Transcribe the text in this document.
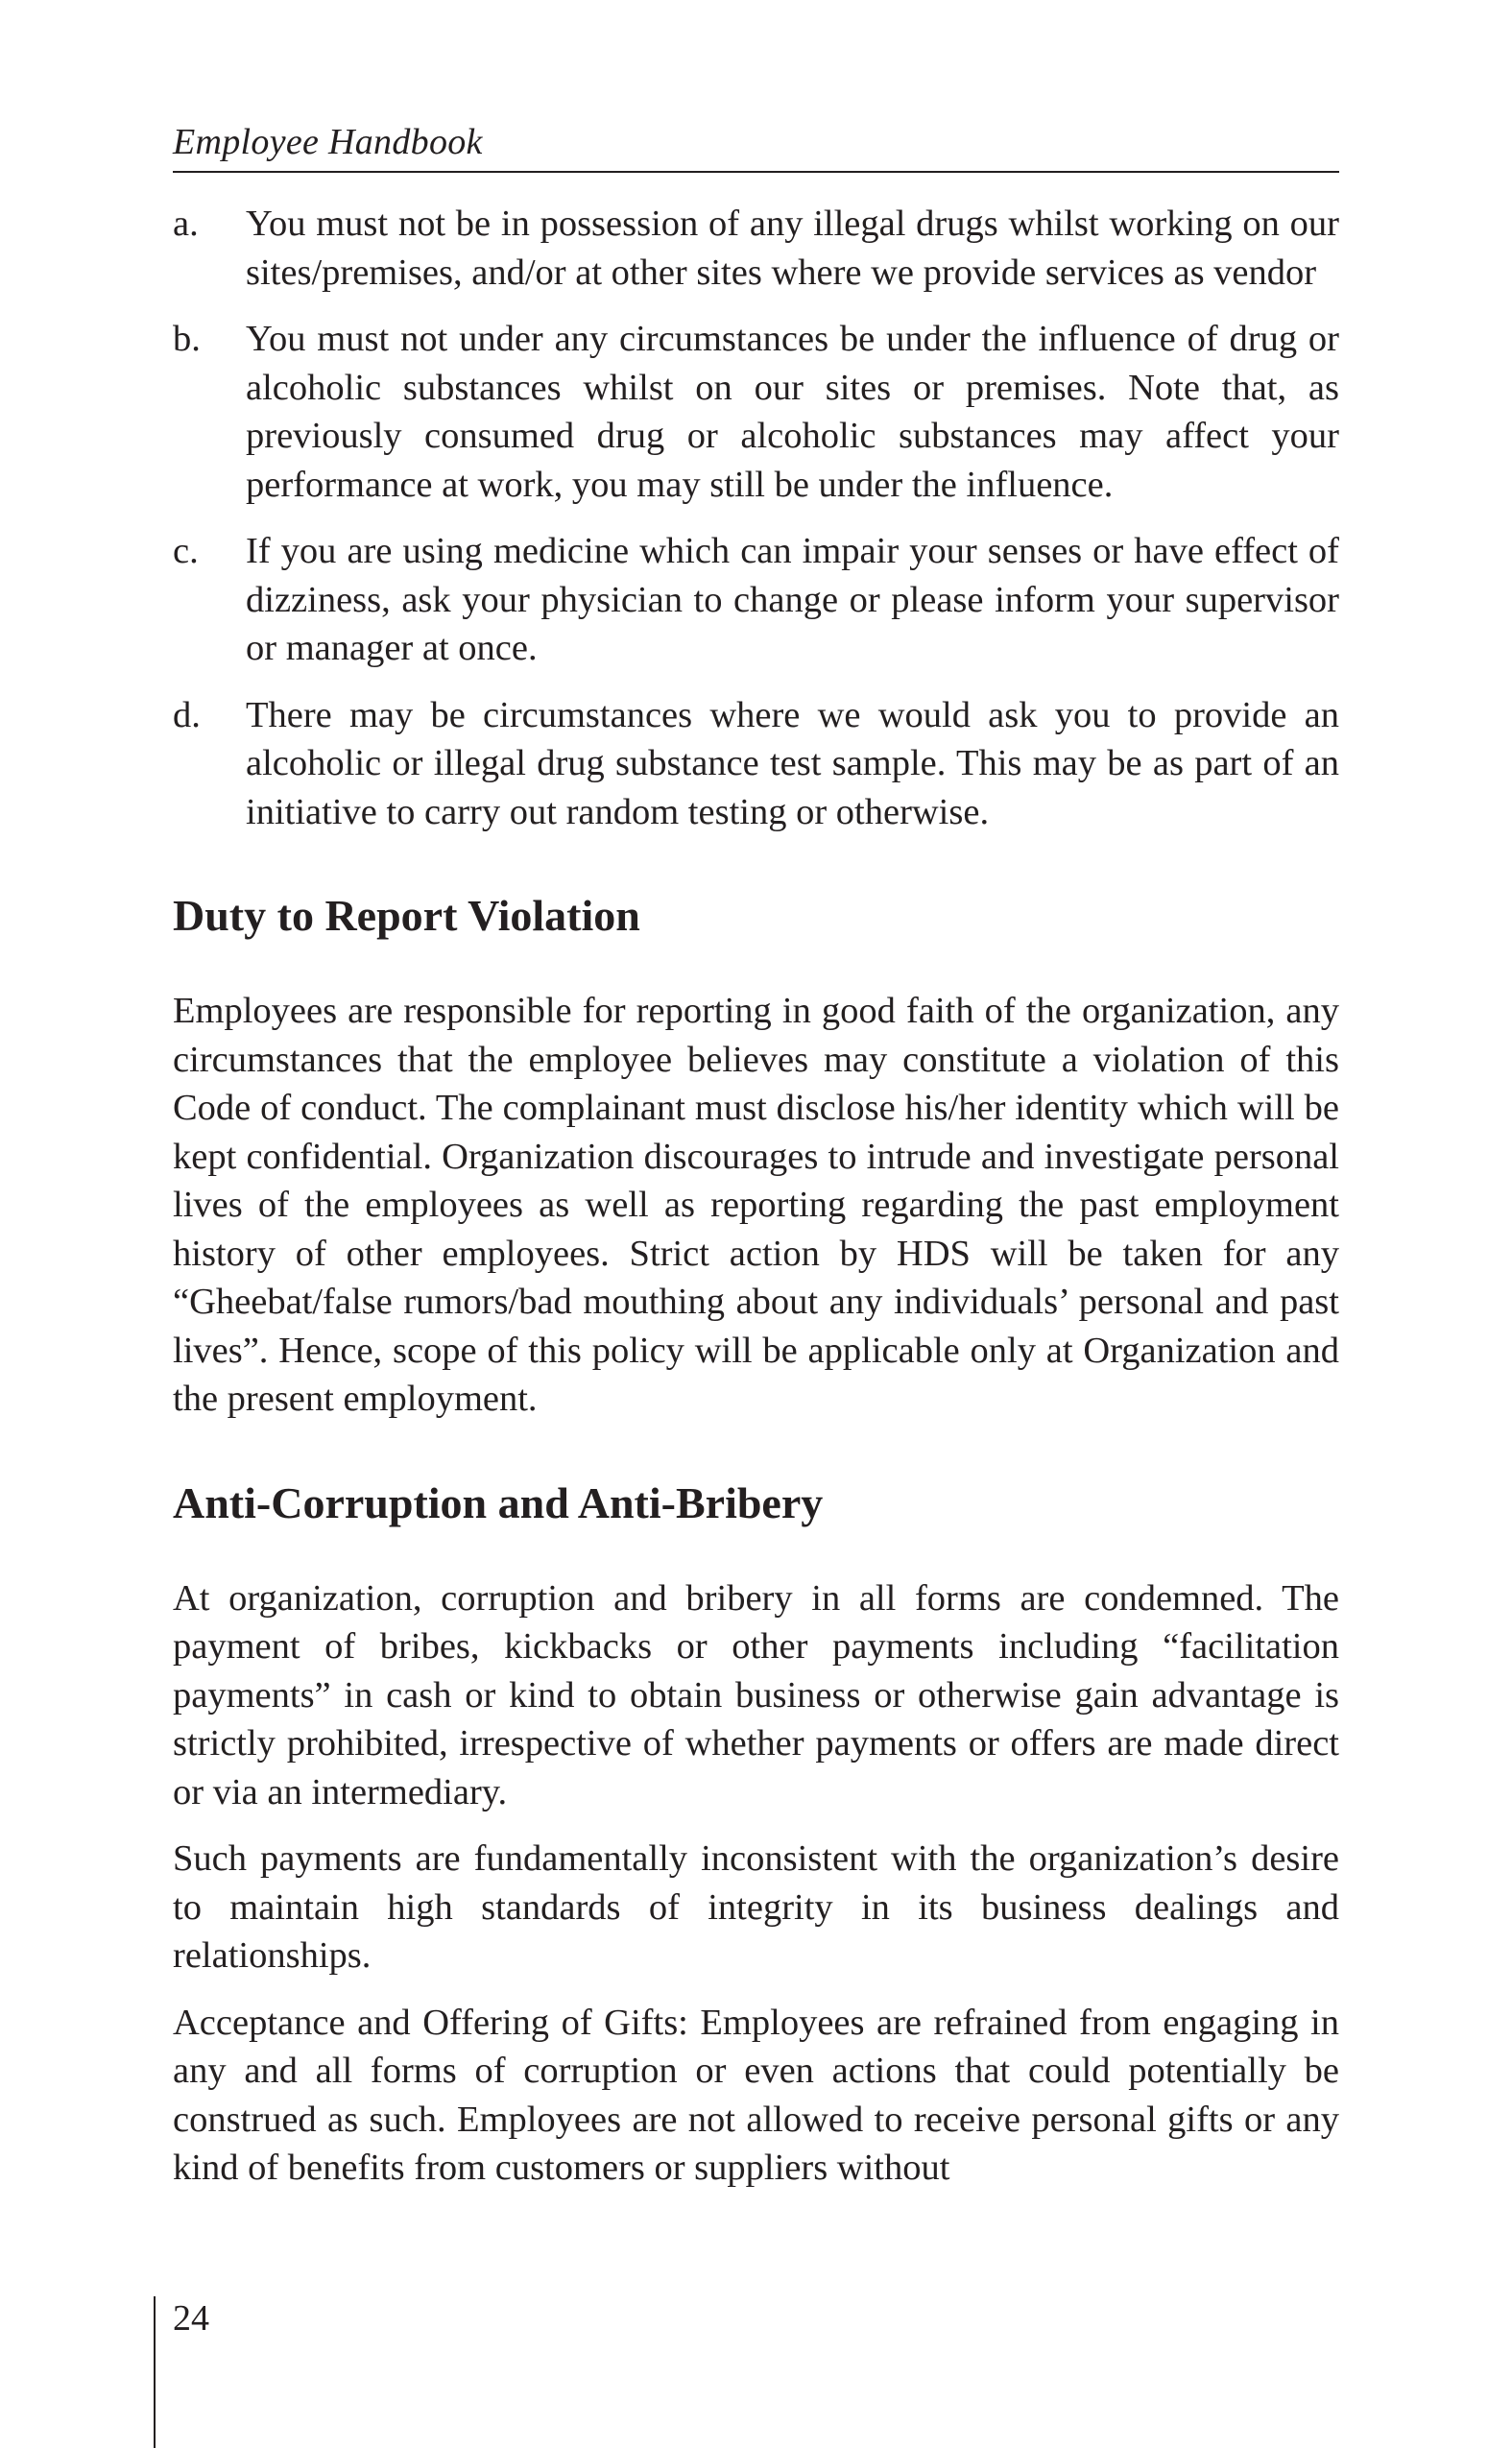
Employee Handbook
a.	You must not be in possession of any illegal drugs whilst working on our sites/premises, and/or at other sites where we provide services as vendor
b.	You must not under any circumstances be under the influence of drug or alcoholic substances whilst on our sites or premises. Note that, as previously consumed drug or alcoholic substances may affect your performance at work, you may still be under the influence.
c.	If you are using medicine which can impair your senses or have effect of dizziness, ask your physician to change or please inform your supervisor or manager at once.
d.	There may be circumstances where we would ask you to provide an alcoholic or illegal drug substance test sample. This may be as part of an initiative to carry out random testing or otherwise.
Duty to Report Violation

Employees are responsible for reporting in good faith of the organization, any circumstances that the employee believes may constitute a violation of this Code of conduct. The complainant must disclose his/her identity which will be kept confidential. Organization discourages to intrude and investigate personal lives of the employees as well as reporting regarding the past employment history of other employees. Strict action by HDS will be taken for any “Gheebat/false rumors/bad mouthing about any individuals’ personal and past lives”. Hence, scope of this policy will be applicable only at Organization and the present employment.

Anti-Corruption and Anti-Bribery

At organization, corruption and bribery in all forms are condemned. The payment of bribes, kickbacks or other payments including “facilitation payments” in cash or kind to obtain business or otherwise gain advantage is strictly prohibited, irrespective of whether payments or offers are made direct or via an intermediary.

Such payments are fundamentally inconsistent with the organization’s desire to maintain high standards of integrity in its business dealings and relationships.

Acceptance and Offering of Gifts: Employees are refrained from engaging in any and all forms of corruption or even actions that could potentially be construed as such. Employees are not allowed to receive personal gifts or any kind of benefits from customers or suppliers without

24
